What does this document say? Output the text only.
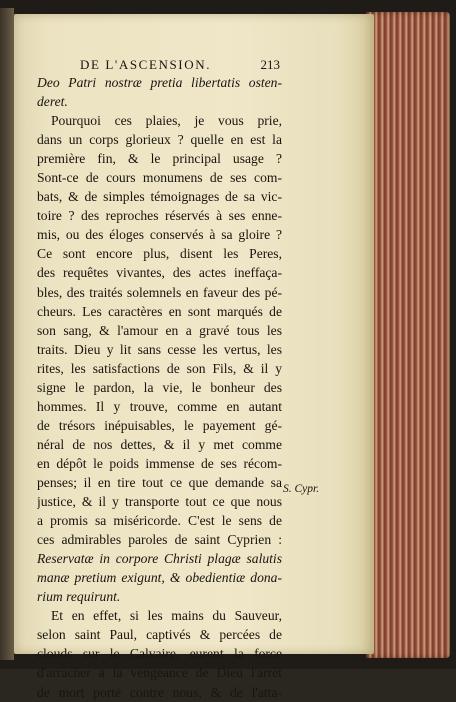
DE L'ASCENSION.	213
Deo Patri nostræ pretia libertatis osten-
deret.
Pourquoi ces plaies, je vous prie,
dans un corps glorieux ? quelle en est la
première fin, & le principal usage ?
Sont-ce de cours monumens de ses com-
bats, & de simples témoignages de sa vic-
toire ? des reproches réservés à ses enne-
mis, ou des éloges conservés à sa gloire ?
Ce sont encore plus, disent les Peres,
des requêtes vivantes, des actes ineffaça-
bles, des traités solemnels en faveur des pé-
cheurs. Les caractères en sont marqués de
son sang, & l'amour en a gravé tous les
traits. Dieu y lit sans cesse les vertus, les
rites, les satisfactions de son Fils, & il y
signe le pardon, la vie, le bonheur des
hommes. Il y trouve, comme en autant
de trésors inépuisables, le payement gé-
néral de nos dettes, & il y met comme
en dépôt le poids immense de ses récom-
penses; il en tire tout ce que demande sa
justice, & il y transporte tout ce que nous
a promis sa miséricorde. C'est le sens de
ces admirables paroles de saint Cyprien :
Reservatæ in corpore Christi plagæ salutis
manæ pretium exigunt, & obedientiæ dona-
rium requirunt.
Et en effet, si les mains du Sauveur,
selon saint Paul, captivés & percées de
clouds sur le Calvaire, eurent la force
d'arracher à la vengeance de Dieu l'arrêt
de mort porté contre nous, & de l'atta-
S. Cypr.
